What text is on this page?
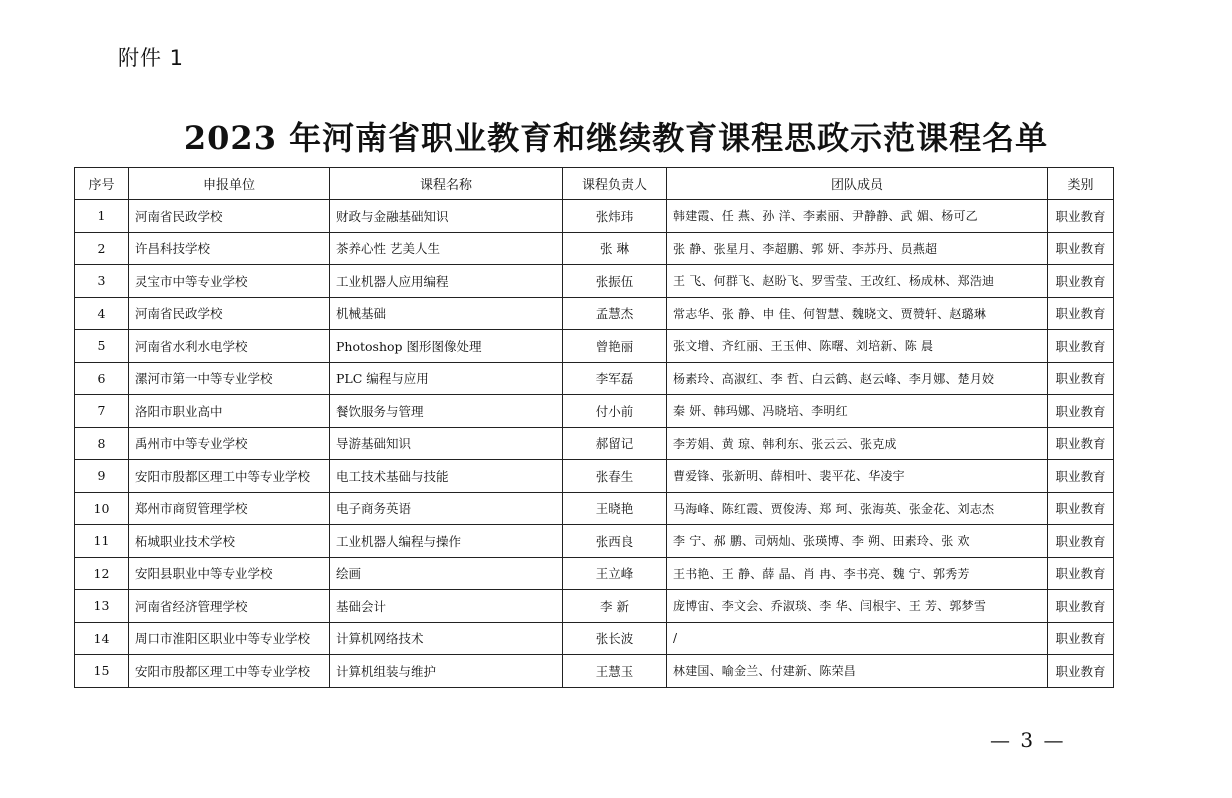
附件 1
2023 年河南省职业教育和继续教育课程思政示范课程名单
序号	申报单位	课程名称	课程负责人	团队成员	类别
1	河南省民政学校	财政与金融基础知识	张炜玮	韩建霞、任 燕、孙 洋、李素丽、尹静静、武 媚、杨可乙	职业教育
2	许昌科技学校	茶养心性 艺美人生	张 琳	张 静、张星月、李超鹏、郭 妍、李苏丹、员燕超	职业教育
3	灵宝市中等专业学校	工业机器人应用编程	张振伍	王 飞、何群飞、赵盼飞、罗雪莹、王改红、杨成林、郑浩迪	职业教育
4	河南省民政学校	机械基础	孟慧杰	常志华、张 静、申 佳、何智慧、魏晓文、贾赞轩、赵璐琳	职业教育
5	河南省水利水电学校	Photoshop 图形图像处理	曾艳丽	张文增、齐红丽、王玉伸、陈曙、刘培新、陈 晨	职业教育
6	漯河市第一中等专业学校	PLC 编程与应用	李军磊	杨素玲、高淑红、李 哲、白云鹤、赵云峰、李月娜、楚月姣	职业教育
7	洛阳市职业高中	餐饮服务与管理	付小前	秦 妍、韩玛娜、冯晓培、李明红	职业教育
8	禹州市中等专业学校	导游基础知识	郝留记	李芳娟、黄 琼、韩利东、张云云、张克成	职业教育
9	安阳市殷都区理工中等专业学校	电工技术基础与技能	张春生	曹爱锋、张新明、薛相叶、裴平花、华凌宇	职业教育
10	郑州市商贸管理学校	电子商务英语	王晓艳	马海峰、陈红霞、贾俊涛、郑 珂、张海英、张金花、刘志杰	职业教育
11	柘城职业技术学校	工业机器人编程与操作	张西良	李 宁、郝 鹏、司炳灿、张瑛博、李 朔、田素玲、张 欢	职业教育
12	安阳县职业中等专业学校	绘画	王立峰	王书艳、王 静、薛 晶、肖 冉、李书亮、魏 宁、郭秀芳	职业教育
13	河南省经济管理学校	基础会计	李 新	庞博宙、李文会、乔淑琰、李 华、闫根宇、王 芳、郭梦雪	职业教育
14	周口市淮阳区职业中等专业学校	计算机网络技术	张长波	/	职业教育
15	安阳市殷都区理工中等专业学校	计算机组装与维护	王慧玉	林建国、喻金兰、付建新、陈荣昌	职业教育
— 3 —
